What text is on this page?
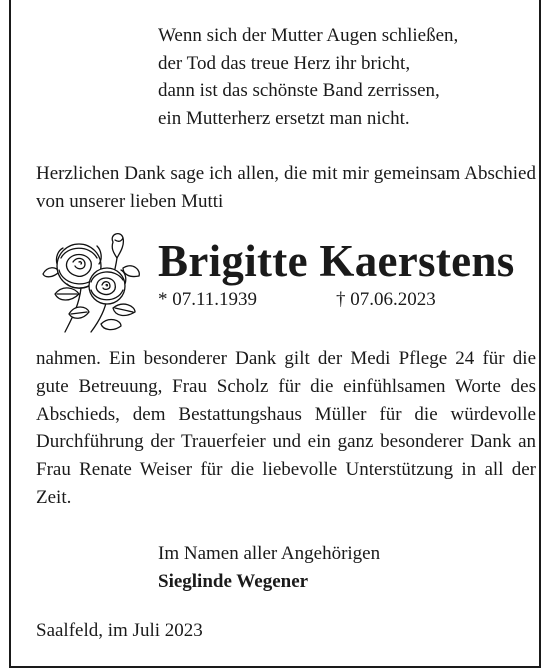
Wenn sich der Mutter Augen schließen,
der Tod das treue Herz ihr bricht,
dann ist das schönste Band zerrissen,
ein Mutterherz ersetzt man nicht.
Herzlichen Dank sage ich allen, die mit mir gemeinsam Abschied von unserer lieben Mutti
Brigitte Kaerstens
* 07.11.1939	† 07.06.2023
nahmen. Ein besonderer Dank gilt der Medi Pflege 24 für die gute Betreuung, Frau Scholz für die einfühlsamen Worte des Abschieds, dem Bestattungshaus Müller für die würdevolle Durchführung der Trauerfeier und ein ganz besonderer Dank an Frau Renate Weiser für die liebevolle Unterstützung in all der Zeit.
Im Namen aller Angehörigen
Sieglinde Wegener
Saalfeld, im Juli 2023
